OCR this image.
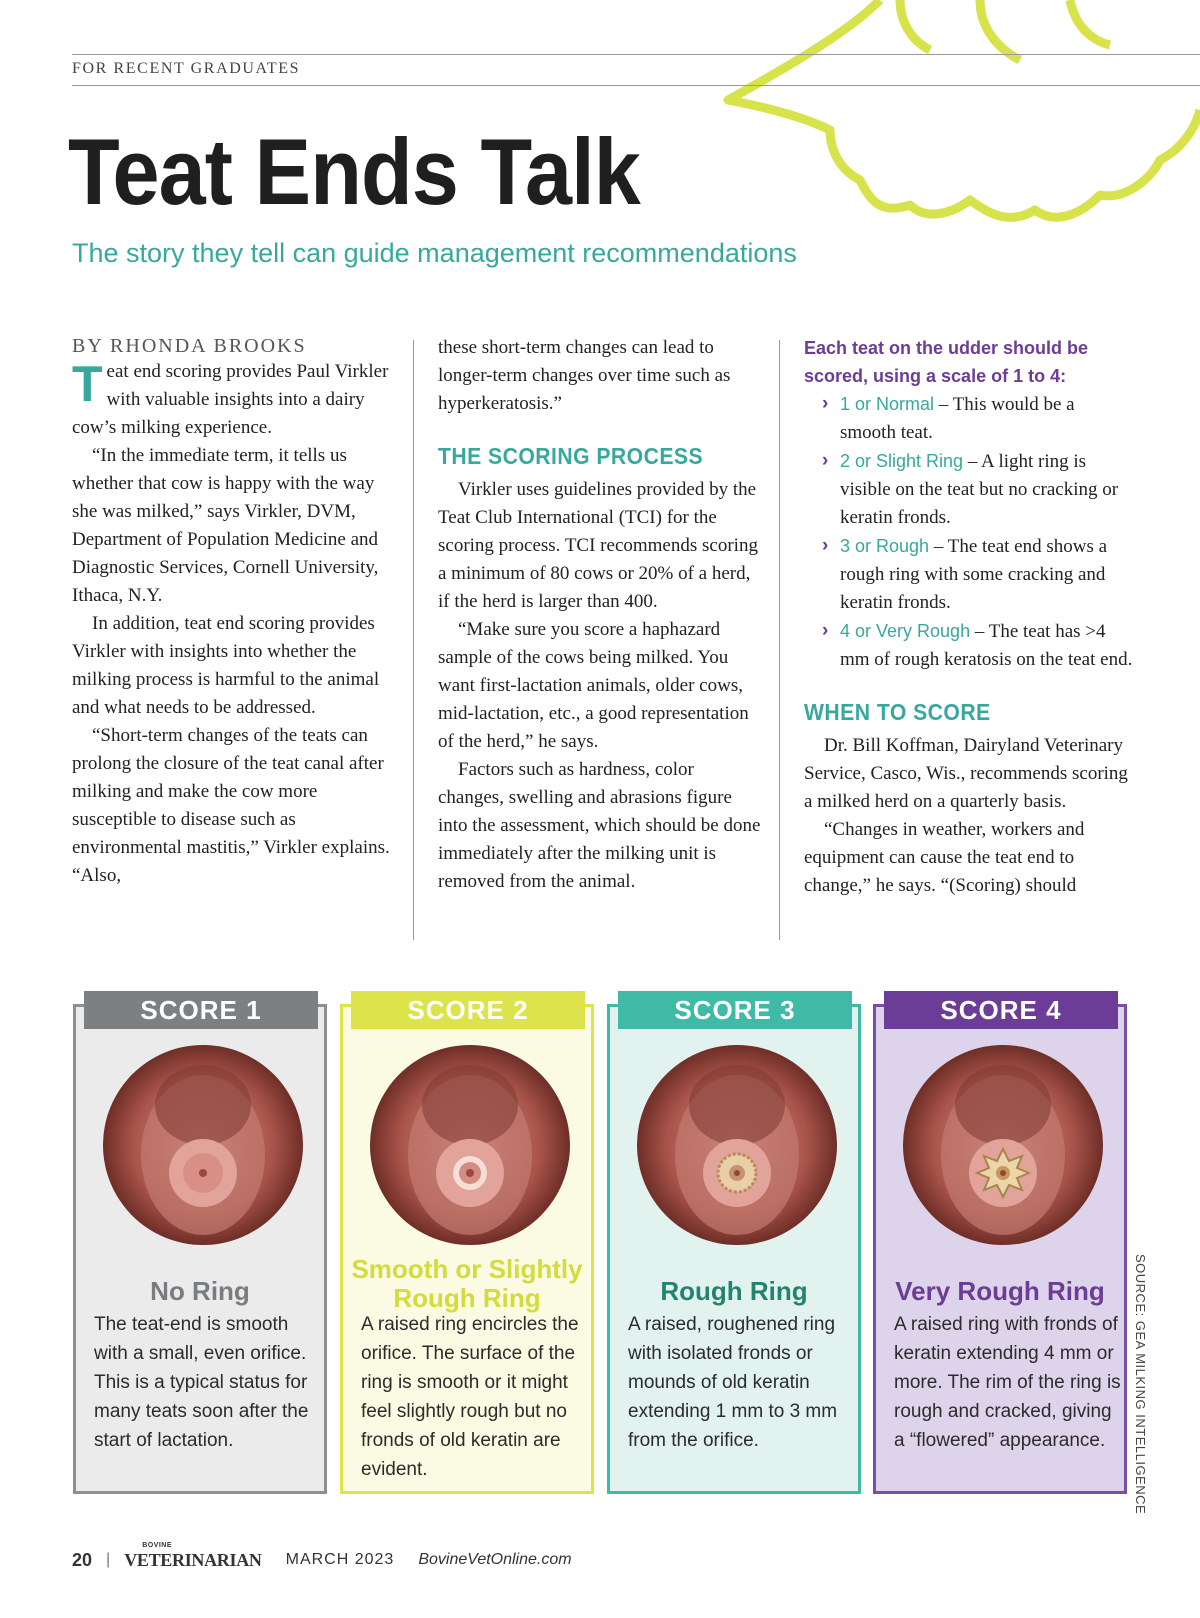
FOR RECENT GRADUATES
Teat Ends Talk
The story they tell can guide management recommendations

BY RHONDA BROOKS

Teat end scoring provides Paul Virkler with valuable insights into a dairy cow’s milking experience.

“In the immediate term, it tells us whether that cow is happy with the way she was milked,” says Virkler, DVM, Department of Population Medicine and Diagnostic Services, Cornell University, Ithaca, N.Y.

In addition, teat end scoring provides Virkler with insights into whether the milking process is harmful to the animal and what needs to be addressed.

“Short-term changes of the teats can prolong the closure of the teat canal after milking and make the cow more susceptible to disease such as environmental mastitis,” Virkler explains. “Also,

these short-term changes can lead to longer-term changes over time such as hyperkeratosis.”

THE SCORING PROCESS

Virkler uses guidelines provided by the Teat Club International (TCI) for the scoring process. TCI recommends scoring a minimum of 80 cows or 20% of a herd, if the herd is larger than 400.

“Make sure you score a haphazard sample of the cows being milked. You want first-lactation animals, older cows, mid-lactation, etc., a good representation of the herd,” he says.

Factors such as hardness, color changes, swelling and abrasions figure into the assessment, which should be done immediately after the milking unit is removed from the animal.

Each teat on the udder should be scored, using a scale of 1 to 4:

› 1 or Normal – This would be a smooth teat.

› 2 or Slight Ring – A light ring is visible on the teat but no cracking or keratin fronds.

› 3 or Rough – The teat end shows a rough ring with some cracking and keratin fronds.

› 4 or Very Rough – The teat has >4 mm of rough keratosis on the teat end.

WHEN TO SCORE

Dr. Bill Koffman, Dairyland Veterinary Service, Casco, Wis., recommends scoring a milked herd on a quarterly basis.

“Changes in weather, workers and equipment can cause the teat end to change,” he says. “(Scoring) should

SCORE 1
No Ring
The teat-end is smooth with a small, even orifice. This is a typical status for many teats soon after the start of lactation.
SCORE 2
Smooth or Slightly Rough Ring
A raised ring encircles the orifice. The surface of the ring is smooth or it might feel slightly rough but no fronds of old keratin are evident.
SCORE 3
Rough Ring
A raised, roughened ring with isolated fronds or mounds of old keratin extending 1 mm to 3 mm from the orifice.
SCORE 4
Very Rough Ring
A raised ring with fronds of keratin extending 4 mm or more. The rim of the ring is rough and cracked, giving a “flowered” appearance.	SOURCE: GEA MILKING INTELLIGENCE
20 |
BOVINE
VETERINARIAN MARCH 2023 BovineVetOnline.com
